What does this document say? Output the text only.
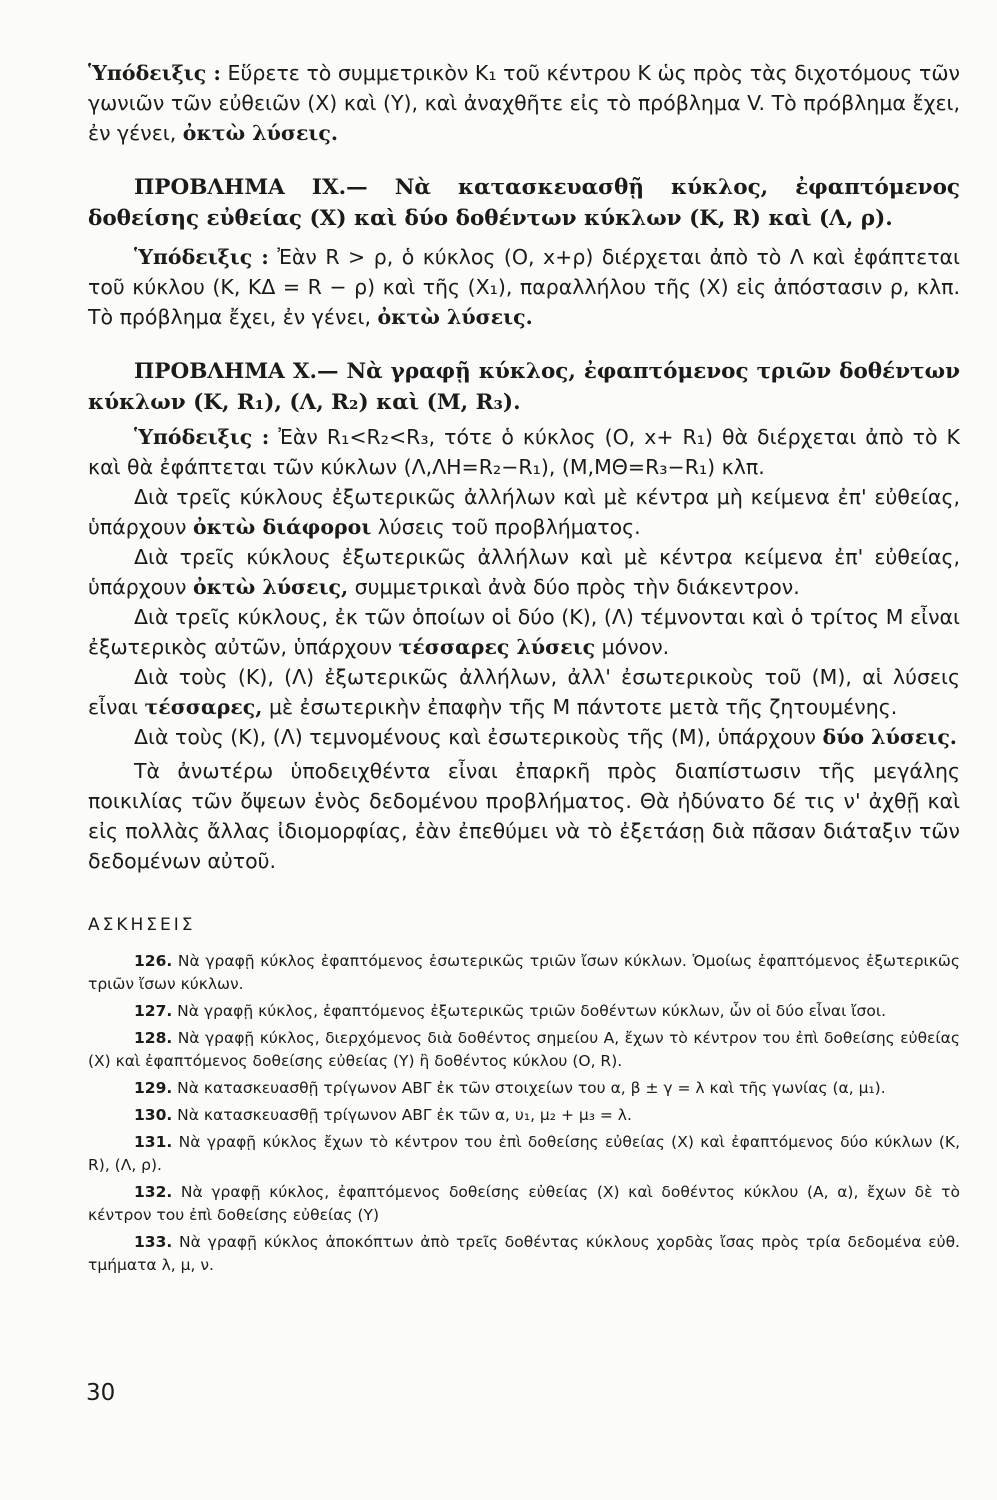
Ὑπόδειξις : Εὕρετε τὸ συμμετρικὸν Κ₁ τοῦ κέντρου Κ ὡς πρὸς τὰς διχοτόμους τῶν γωνιῶν τῶν εὐθειῶν (Χ) καὶ (Υ), καὶ ἀναχθῆτε εἰς τὸ πρόβλημα V. Τὸ πρόβλημα ἔχει, ἐν γένει, ὀκτὼ λύσεις.

ΠΡΟΒΛΗΜΑ ΙΧ.— Νὰ κατασκευασθῇ κύκλος, ἐφαπτόμενος δοθείσης εὐθείας (Χ) καὶ δύο δοθέντων κύκλων (Κ, R) καὶ (Λ, ρ).

Ὑπόδειξις : Ἐὰν R > ρ, ὁ κύκλος (Ο, x+ρ) διέρχεται ἀπὸ τὸ Λ καὶ ἐφάπτεται τοῦ κύκλου (Κ, ΚΔ = R − ρ) καὶ τῆς (Χ₁), παραλλήλου τῆς (Χ) εἰς ἀπόστασιν ρ, κλπ. Τὸ πρόβλημα ἔχει, ἐν γένει, ὀκτὼ λύσεις.

ΠΡΟΒΛΗΜΑ Χ.— Νὰ γραφῇ κύκλος, ἐφαπτόμενος τριῶν δοθέντων κύκλων (Κ, R₁), (Λ, R₂) καὶ (Μ, R₃).

Ὑπόδειξις : Ἐὰν R₁<R₂<R₃, τότε ὁ κύκλος (Ο, x+ R₁) θὰ διέρχεται ἀπὸ τὸ Κ καὶ θὰ ἐφάπτεται τῶν κύκλων (Λ,ΛΗ=R₂−R₁), (Μ,ΜΘ=R₃−R₁) κλπ.

Διὰ τρεῖς κύκλους ἐξωτερικῶς ἀλλήλων καὶ μὲ κέντρα μὴ κείμενα ἐπ' εὐθείας, ὑπάρχουν ὀκτὼ διάφοροι λύσεις τοῦ προβλήματος.

Διὰ τρεῖς κύκλους ἐξωτερικῶς ἀλλήλων καὶ μὲ κέντρα κείμενα ἐπ' εὐθείας, ὑπάρχουν ὀκτὼ λύσεις, συμμετρικαὶ ἀνὰ δύο πρὸς τὴν διάκεντρον.

Διὰ τρεῖς κύκλους, ἐκ τῶν ὁποίων οἱ δύο (Κ), (Λ) τέμνονται καὶ ὁ τρίτος Μ εἶναι ἐξωτερικὸς αὐτῶν, ὑπάρχουν τέσσαρες λύσεις μόνον.

Διὰ τοὺς (Κ), (Λ) ἐξωτερικῶς ἀλλήλων, ἀλλ' ἐσωτερικοὺς τοῦ (Μ), αἱ λύσεις εἶναι τέσσαρες, μὲ ἐσωτερικὴν ἐπαφὴν τῆς Μ πάντοτε μετὰ τῆς ζητουμένης.

Διὰ τοὺς (Κ), (Λ) τεμνομένους καὶ ἐσωτερικοὺς τῆς (Μ), ὑπάρχουν δύο λύσεις.

Τὰ ἀνωτέρω ὑποδειχθέντα εἶναι ἐπαρκῆ πρὸς διαπίστωσιν τῆς μεγάλης ποικιλίας τῶν ὄψεων ἑνὸς δεδομένου προβλήματος. Θὰ ἠδύνατο δέ τις ν' ἀχθῇ καὶ εἰς πολλὰς ἄλλας ἰδιομορφίας, ἐὰν ἐπεθύμει νὰ τὸ ἐξετάσῃ διὰ πᾶσαν διάταξιν τῶν δεδομένων αὐτοῦ.

ΑΣΚΗΣΕΙΣ

126. Νὰ γραφῇ κύκλος ἐφαπτόμενος ἐσωτερικῶς τριῶν ἴσων κύκλων. Ὁμοίως ἐφαπτόμενος ἐξωτερικῶς τριῶν ἴσων κύκλων.

127. Νὰ γραφῇ κύκλος, ἐφαπτόμενος ἐξωτερικῶς τριῶν δοθέντων κύκλων, ὧν οἱ δύο εἶναι ἴσοι.

128. Νὰ γραφῇ κύκλος, διερχόμενος διὰ δοθέντος σημείου Α, ἔχων τὸ κέντρον του ἐπὶ δοθείσης εὐθείας (Χ) καὶ ἐφαπτόμενος δοθείσης εὐθείας (Υ) ἢ δοθέντος κύκλου (Ο, R).

129. Νὰ κατασκευασθῇ τρίγωνον ΑΒΓ ἐκ τῶν στοιχείων του α, β ± γ = λ καὶ τῆς γωνίας (α, μ₁).

130. Νὰ κατασκευασθῇ τρίγωνον ΑΒΓ ἐκ τῶν α, υ₁, μ₂ + μ₃ = λ.

131. Νὰ γραφῇ κύκλος ἔχων τὸ κέντρον του ἐπὶ δοθείσης εὐθείας (Χ) καὶ ἐφαπτόμενος δύο κύκλων (Κ, R), (Λ, ρ).

132. Νὰ γραφῇ κύκλος, ἐφαπτόμενος δοθείσης εὐθείας (Χ) καὶ δοθέντος κύκλου (Α, α), ἔχων δὲ τὸ κέντρον του ἐπὶ δοθείσης εὐθείας (Υ)

133. Νὰ γραφῇ κύκλος ἀποκόπτων ἀπὸ τρεῖς δοθέντας κύκλους χορδὰς ἴσας πρὸς τρία δεδομένα εὐθ. τμήματα λ, μ, ν.

30
